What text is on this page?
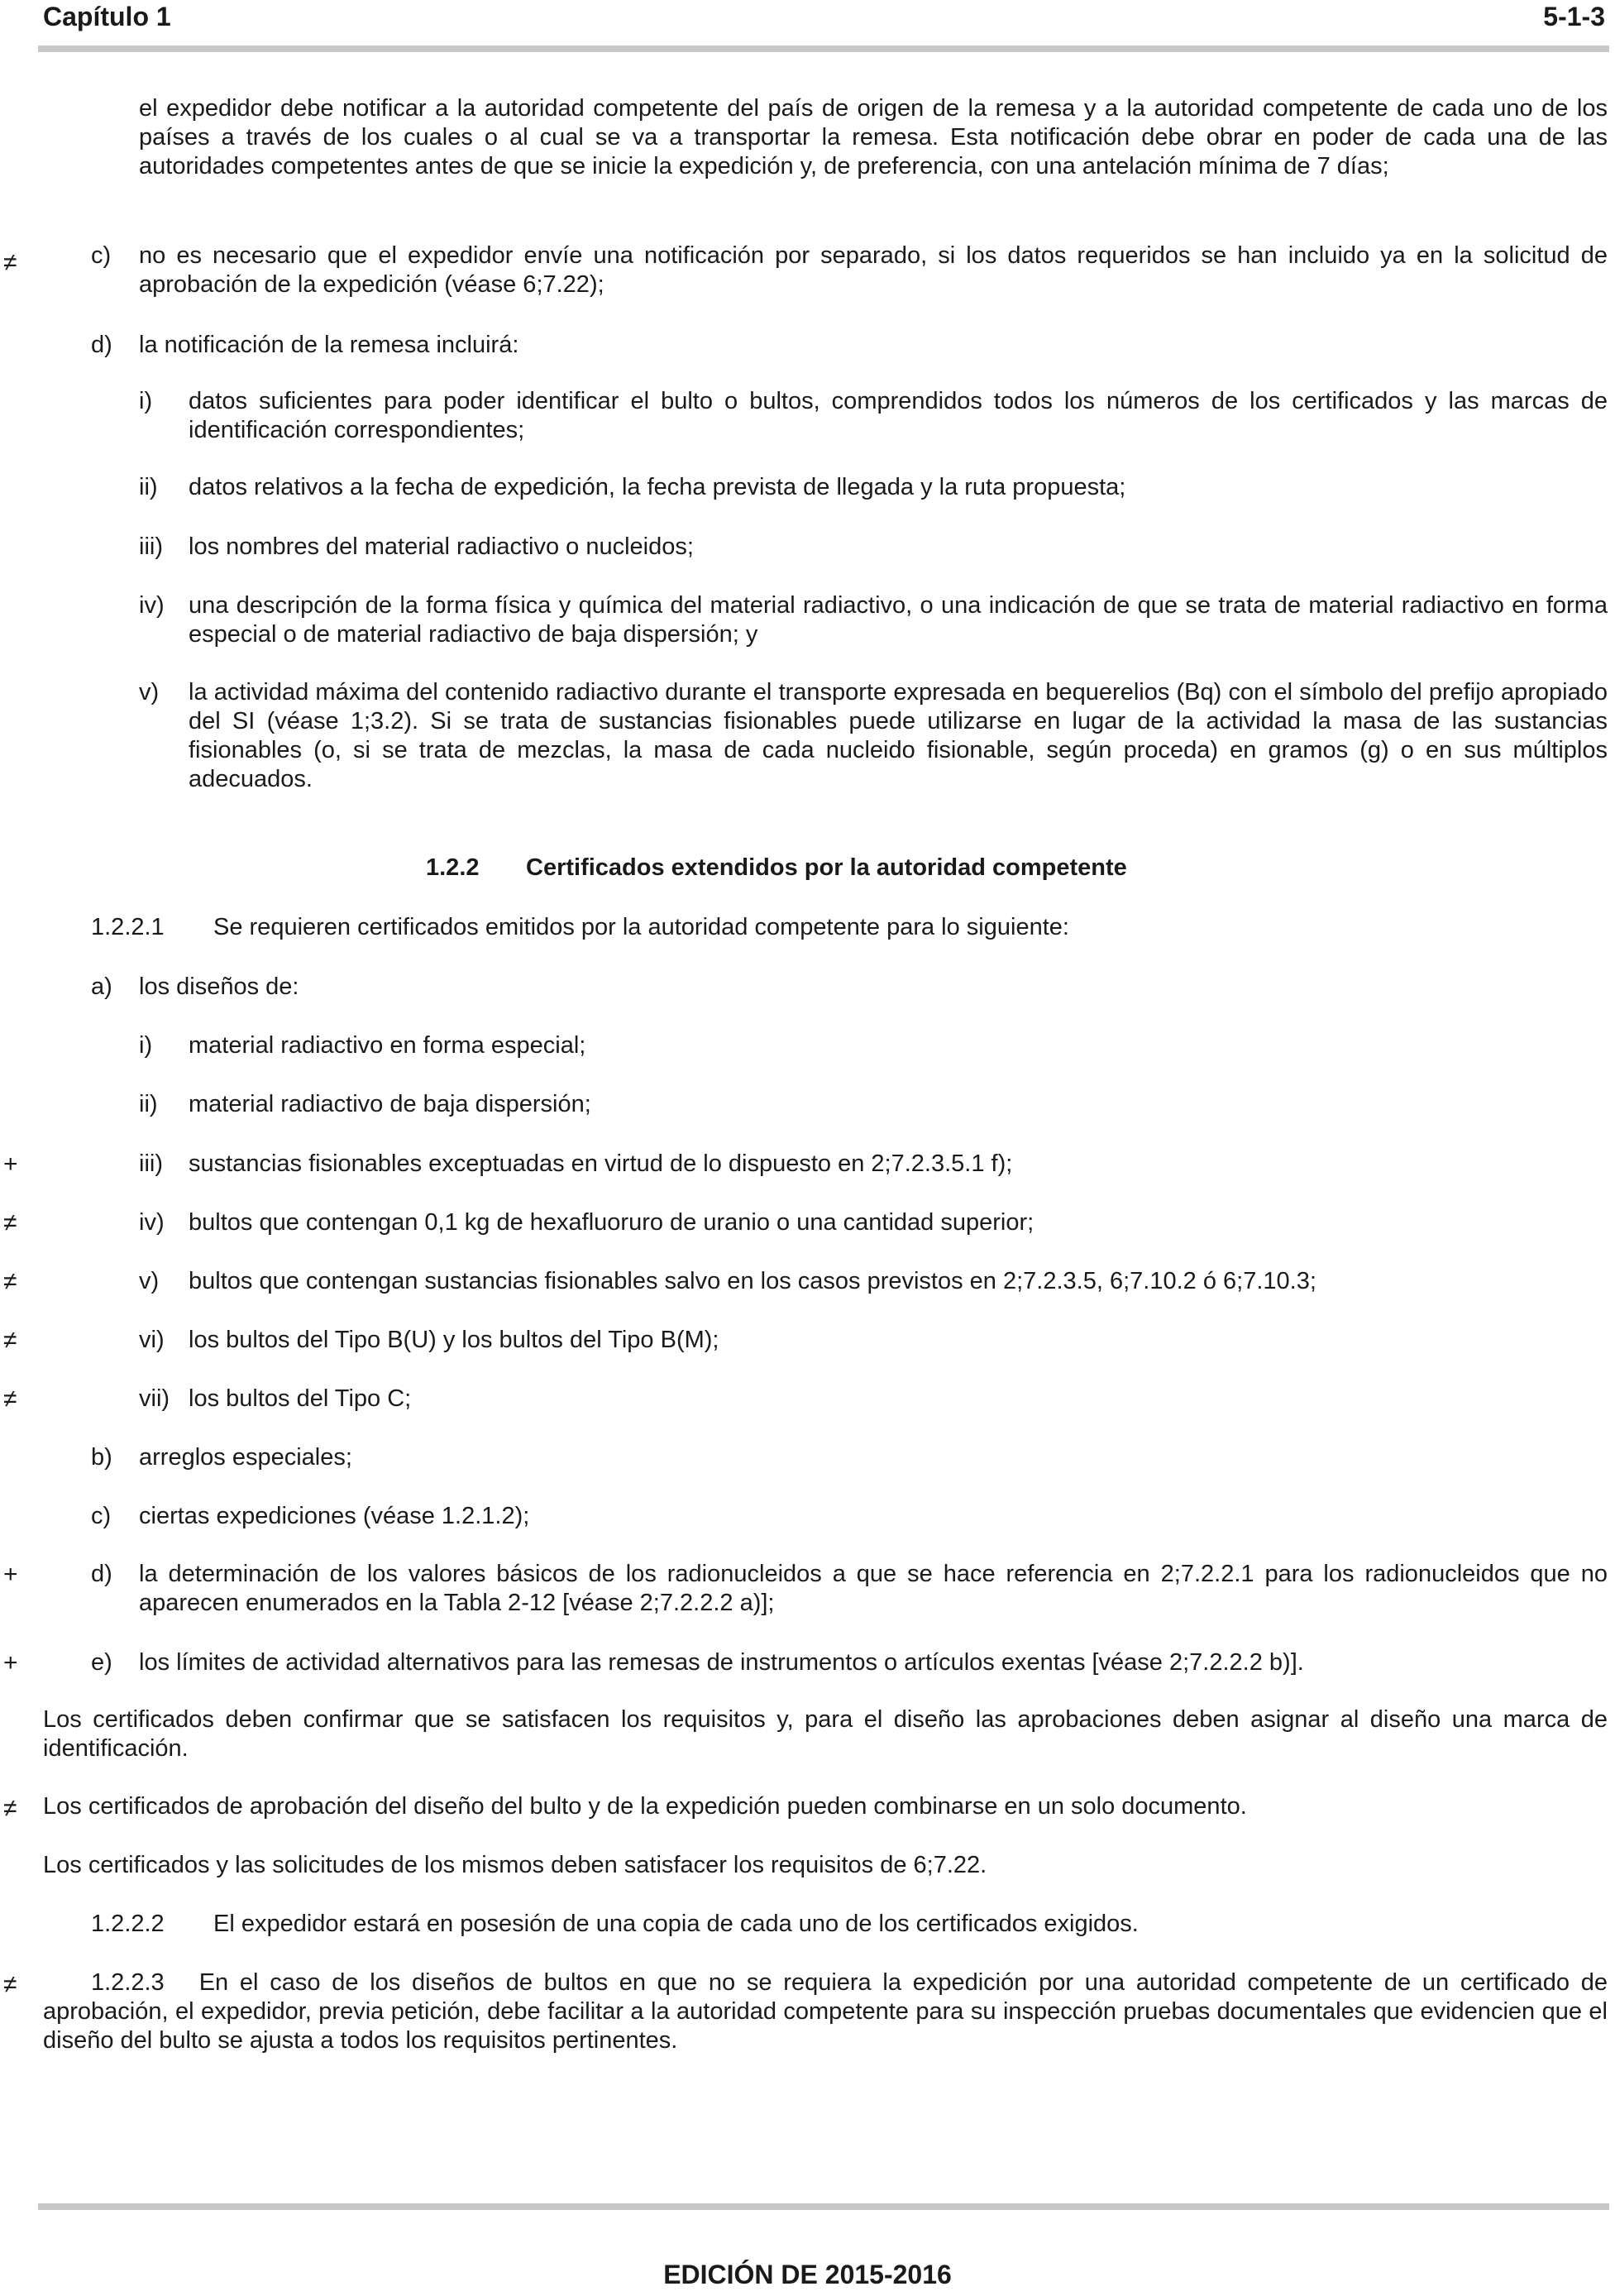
Capítulo 1	5-1-3
el expedidor debe notificar a la autoridad competente del país de origen de la remesa y a la autoridad competente de cada uno de los países a través de los cuales o al cual se va a transportar la remesa. Esta notificación debe obrar en poder de cada una de las autoridades competentes antes de que se inicie la expedición y, de preferencia, con una antelación mínima de 7 días;
≠	c) no es necesario que el expedidor envíe una notificación por separado, si los datos requeridos se han incluido ya en la solicitud de aprobación de la expedición (véase 6;7.22);
d) la notificación de la remesa incluirá:
i) datos suficientes para poder identificar el bulto o bultos, comprendidos todos los números de los certificados y las marcas de identificación correspondientes;
ii) datos relativos a la fecha de expedición, la fecha prevista de llegada y la ruta propuesta;
iii) los nombres del material radiactivo o nucleidos;
iv) una descripción de la forma física y química del material radiactivo, o una indicación de que se trata de material radiactivo en forma especial o de material radiactivo de baja dispersión; y
v) la actividad máxima del contenido radiactivo durante el transporte expresada en bequerelios (Bq) con el símbolo del prefijo apropiado del SI (véase 1;3.2). Si se trata de sustancias fisionables puede utilizarse en lugar de la actividad la masa de las sustancias fisionables (o, si se trata de mezclas, la masa de cada nucleido fisionable, según proceda) en gramos (g) o en sus múltiplos adecuados.
1.2.2 Certificados extendidos por la autoridad competente
1.2.2.1 Se requieren certificados emitidos por la autoridad competente para lo siguiente:
a) los diseños de:
i) material radiactivo en forma especial;
ii) material radiactivo de baja dispersión;
+	iii) sustancias fisionables exceptuadas en virtud de lo dispuesto en 2;7.2.3.5.1 f);
≠	iv) bultos que contengan 0,1 kg de hexafluoruro de uranio o una cantidad superior;
≠	v) bultos que contengan sustancias fisionables salvo en los casos previstos en 2;7.2.3.5, 6;7.10.2 ó 6;7.10.3;
≠	vi) los bultos del Tipo B(U) y los bultos del Tipo B(M);
≠	vii) los bultos del Tipo C;
b) arreglos especiales;
c) ciertas expediciones (véase 1.2.1.2);
+	d) la determinación de los valores básicos de los radionucleidos a que se hace referencia en 2;7.2.2.1 para los radionucleidos que no aparecen enumerados en la Tabla 2-12 [véase 2;7.2.2.2 a)];
+	e) los límites de actividad alternativos para las remesas de instrumentos o artículos exentas [véase 2;7.2.2.2 b)].
Los certificados deben confirmar que se satisfacen los requisitos y, para el diseño las aprobaciones deben asignar al diseño una marca de identificación.
≠ Los certificados de aprobación del diseño del bulto y de la expedición pueden combinarse en un solo documento.
Los certificados y las solicitudes de los mismos deben satisfacer los requisitos de 6;7.22.
1.2.2.2 El expedidor estará en posesión de una copia de cada uno de los certificados exigidos.
≠	1.2.2.3 En el caso de los diseños de bultos en que no se requiera la expedición por una autoridad competente de un certificado de aprobación, el expedidor, previa petición, debe facilitar a la autoridad competente para su inspección pruebas documentales que evidencien que el diseño del bulto se ajusta a todos los requisitos pertinentes.
EDICIÓN DE 2015-2016
